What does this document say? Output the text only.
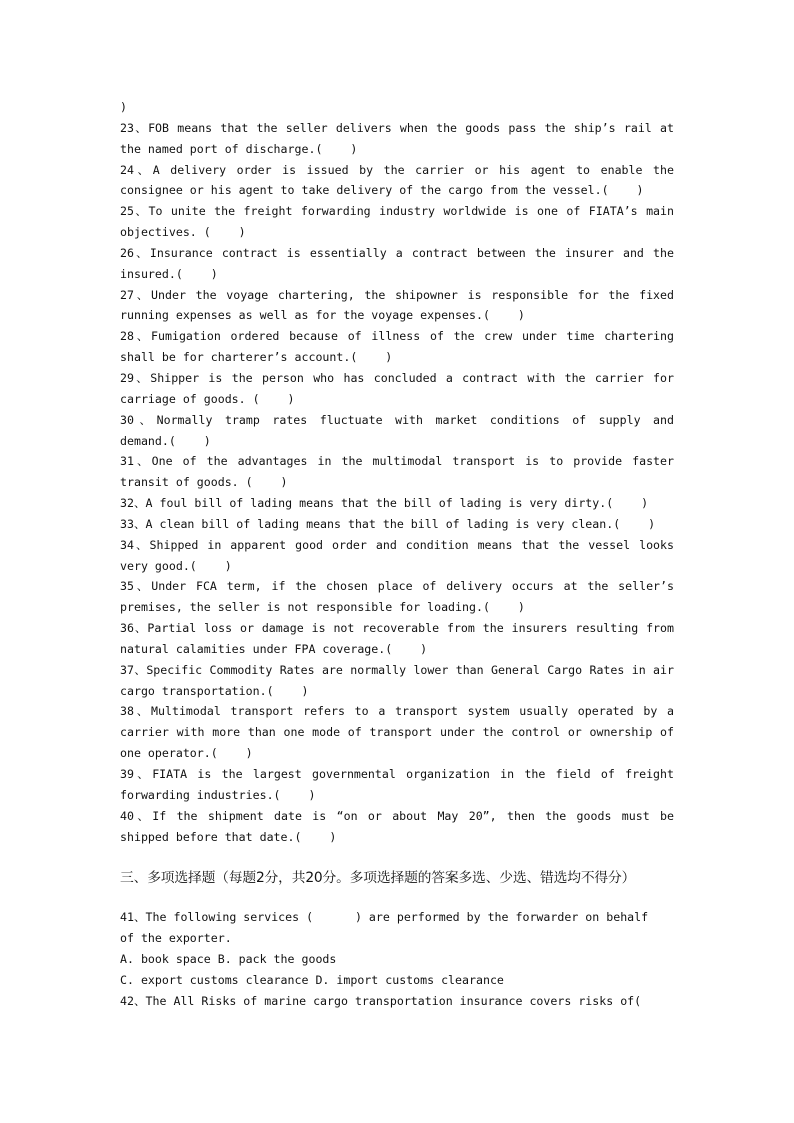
)
23、FOB means that the seller delivers when the goods pass the ship’s rail at
the named port of discharge.(    )
24、A delivery order is issued by the carrier or his agent to enable the
consignee or his agent to take delivery of the cargo from the vessel.(    )
25、To unite the freight forwarding industry worldwide is one of FIATA’s main
objectives. (    )
26、Insurance contract is essentially a contract between the insurer and the
insured.(    )
27、Under the voyage chartering, the shipowner is responsible for the fixed
running expenses as well as for the voyage expenses.(    )
28、Fumigation ordered because of illness of the crew under time chartering
shall be for charterer’s account.(    )
29、Shipper is the person who has concluded a contract with the carrier for
carriage of goods. (    )
30、Normally tramp rates fluctuate with market conditions of supply and
demand.(    )
31、One of the advantages in the multimodal transport is to provide faster
transit of goods. (    )
32、A foul bill of lading means that the bill of lading is very dirty.(    )
33、A clean bill of lading means that the bill of lading is very clean.(    )
34、Shipped in apparent good order and condition means that the vessel looks
very good.(    )
35、Under FCA term, if the chosen place of delivery occurs at the seller’s
premises, the seller is not responsible for loading.(    )
36、Partial loss or damage is not recoverable from the insurers resulting from
natural calamities under FPA coverage.(    )
37、Specific Commodity Rates are normally lower than General Cargo Rates in air
cargo transportation.(    )
38、Multimodal transport refers to a transport system usually operated by a
carrier with more than one mode of transport under the control or ownership of
one operator.(    )
39、FIATA is the largest governmental organization in the field of freight
forwarding industries.(    )
40、If the shipment date is “on or about May 20”, then the goods must be
shipped before that date.(    )
三、多项选择题（每题2分，共20分。多项选择题的答案多选、少选、错选均不得分）
41、The following services (      ) are performed by the forwarder on behalf
of the exporter.
A. book space B. pack the goods
C. export customs clearance D. import customs clearance
42、The All Risks of marine cargo transportation insurance covers risks of(
